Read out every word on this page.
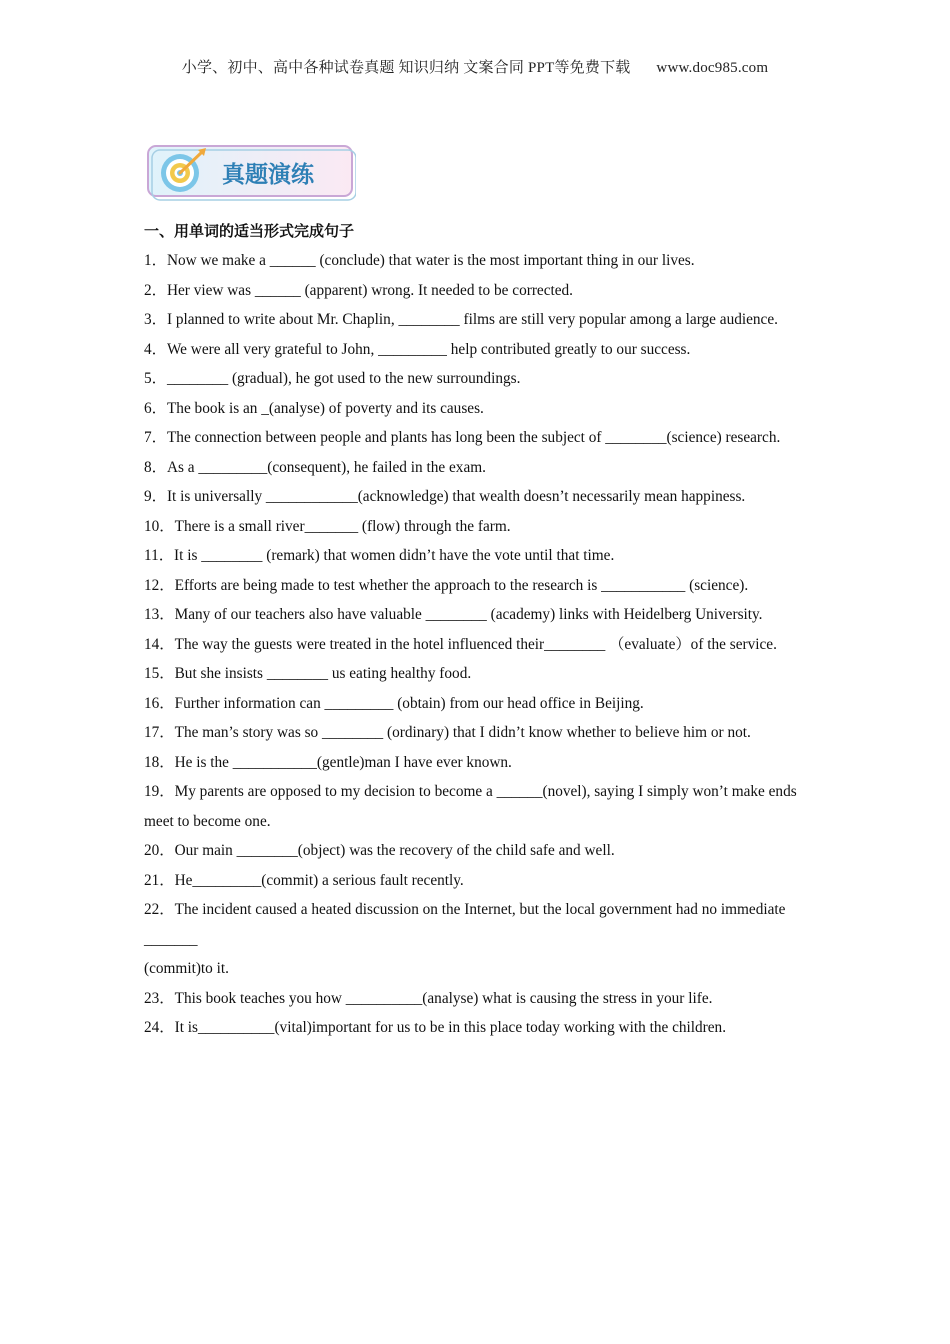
小学、初中、高中各种试卷真题 知识归纳 文案合同 PPT等免费下载 www.doc985.com
真题演练
一、用单词的适当形式完成句子

1．Now we make a ______ (conclude) that water is the most important thing in our lives.

2．Her view was ______ (apparent) wrong. It needed to be corrected.

3．I planned to write about Mr. Chaplin, ________ films are still very popular among a large audience.

4．We were all very grateful to John, _________ help contributed greatly to our success.

5．________ (gradual), he got used to the new surroundings.

6．The book is an _(analyse) of poverty and its causes.

7．The connection between people and plants has long been the subject of ________(science) research.

8．As a _________(consequent), he failed in the exam.

9．It is universally ____________(acknowledge) that wealth doesn’t necessarily mean happiness.

10．There is a small river_______ (flow) through the farm.

11．It is ________ (remark) that women didn’t have the vote until that time.

12．Efforts are being made to test whether the approach to the research is ___________ (science).

13．Many of our teachers also have valuable ________ (academy) links with Heidelberg University.

14．The way the guests were treated in the hotel influenced their________ （evaluate）of the service.

15．But she insists ________ us eating healthy food.

16．Further information can _________ (obtain) from our head office in Beijing.

17．The man’s story was so ________ (ordinary) that I didn’t know whether to believe him or not.

18．He is the ___________(gentle)man I have ever known.

19．My parents are opposed to my decision to become a ______(novel), saying I simply won’t make ends meet to become one.

20．Our main ________(object) was the recovery of the child safe and well.

21．He_________(commit) a serious fault recently.

22．The incident caused a heated discussion on the Internet, but the local government had no immediate _______

(commit)to it.

23．This book teaches you how __________(analyse) what is causing the stress in your life.

24．It is__________(vital)important for us to be in this place today working with the children.
